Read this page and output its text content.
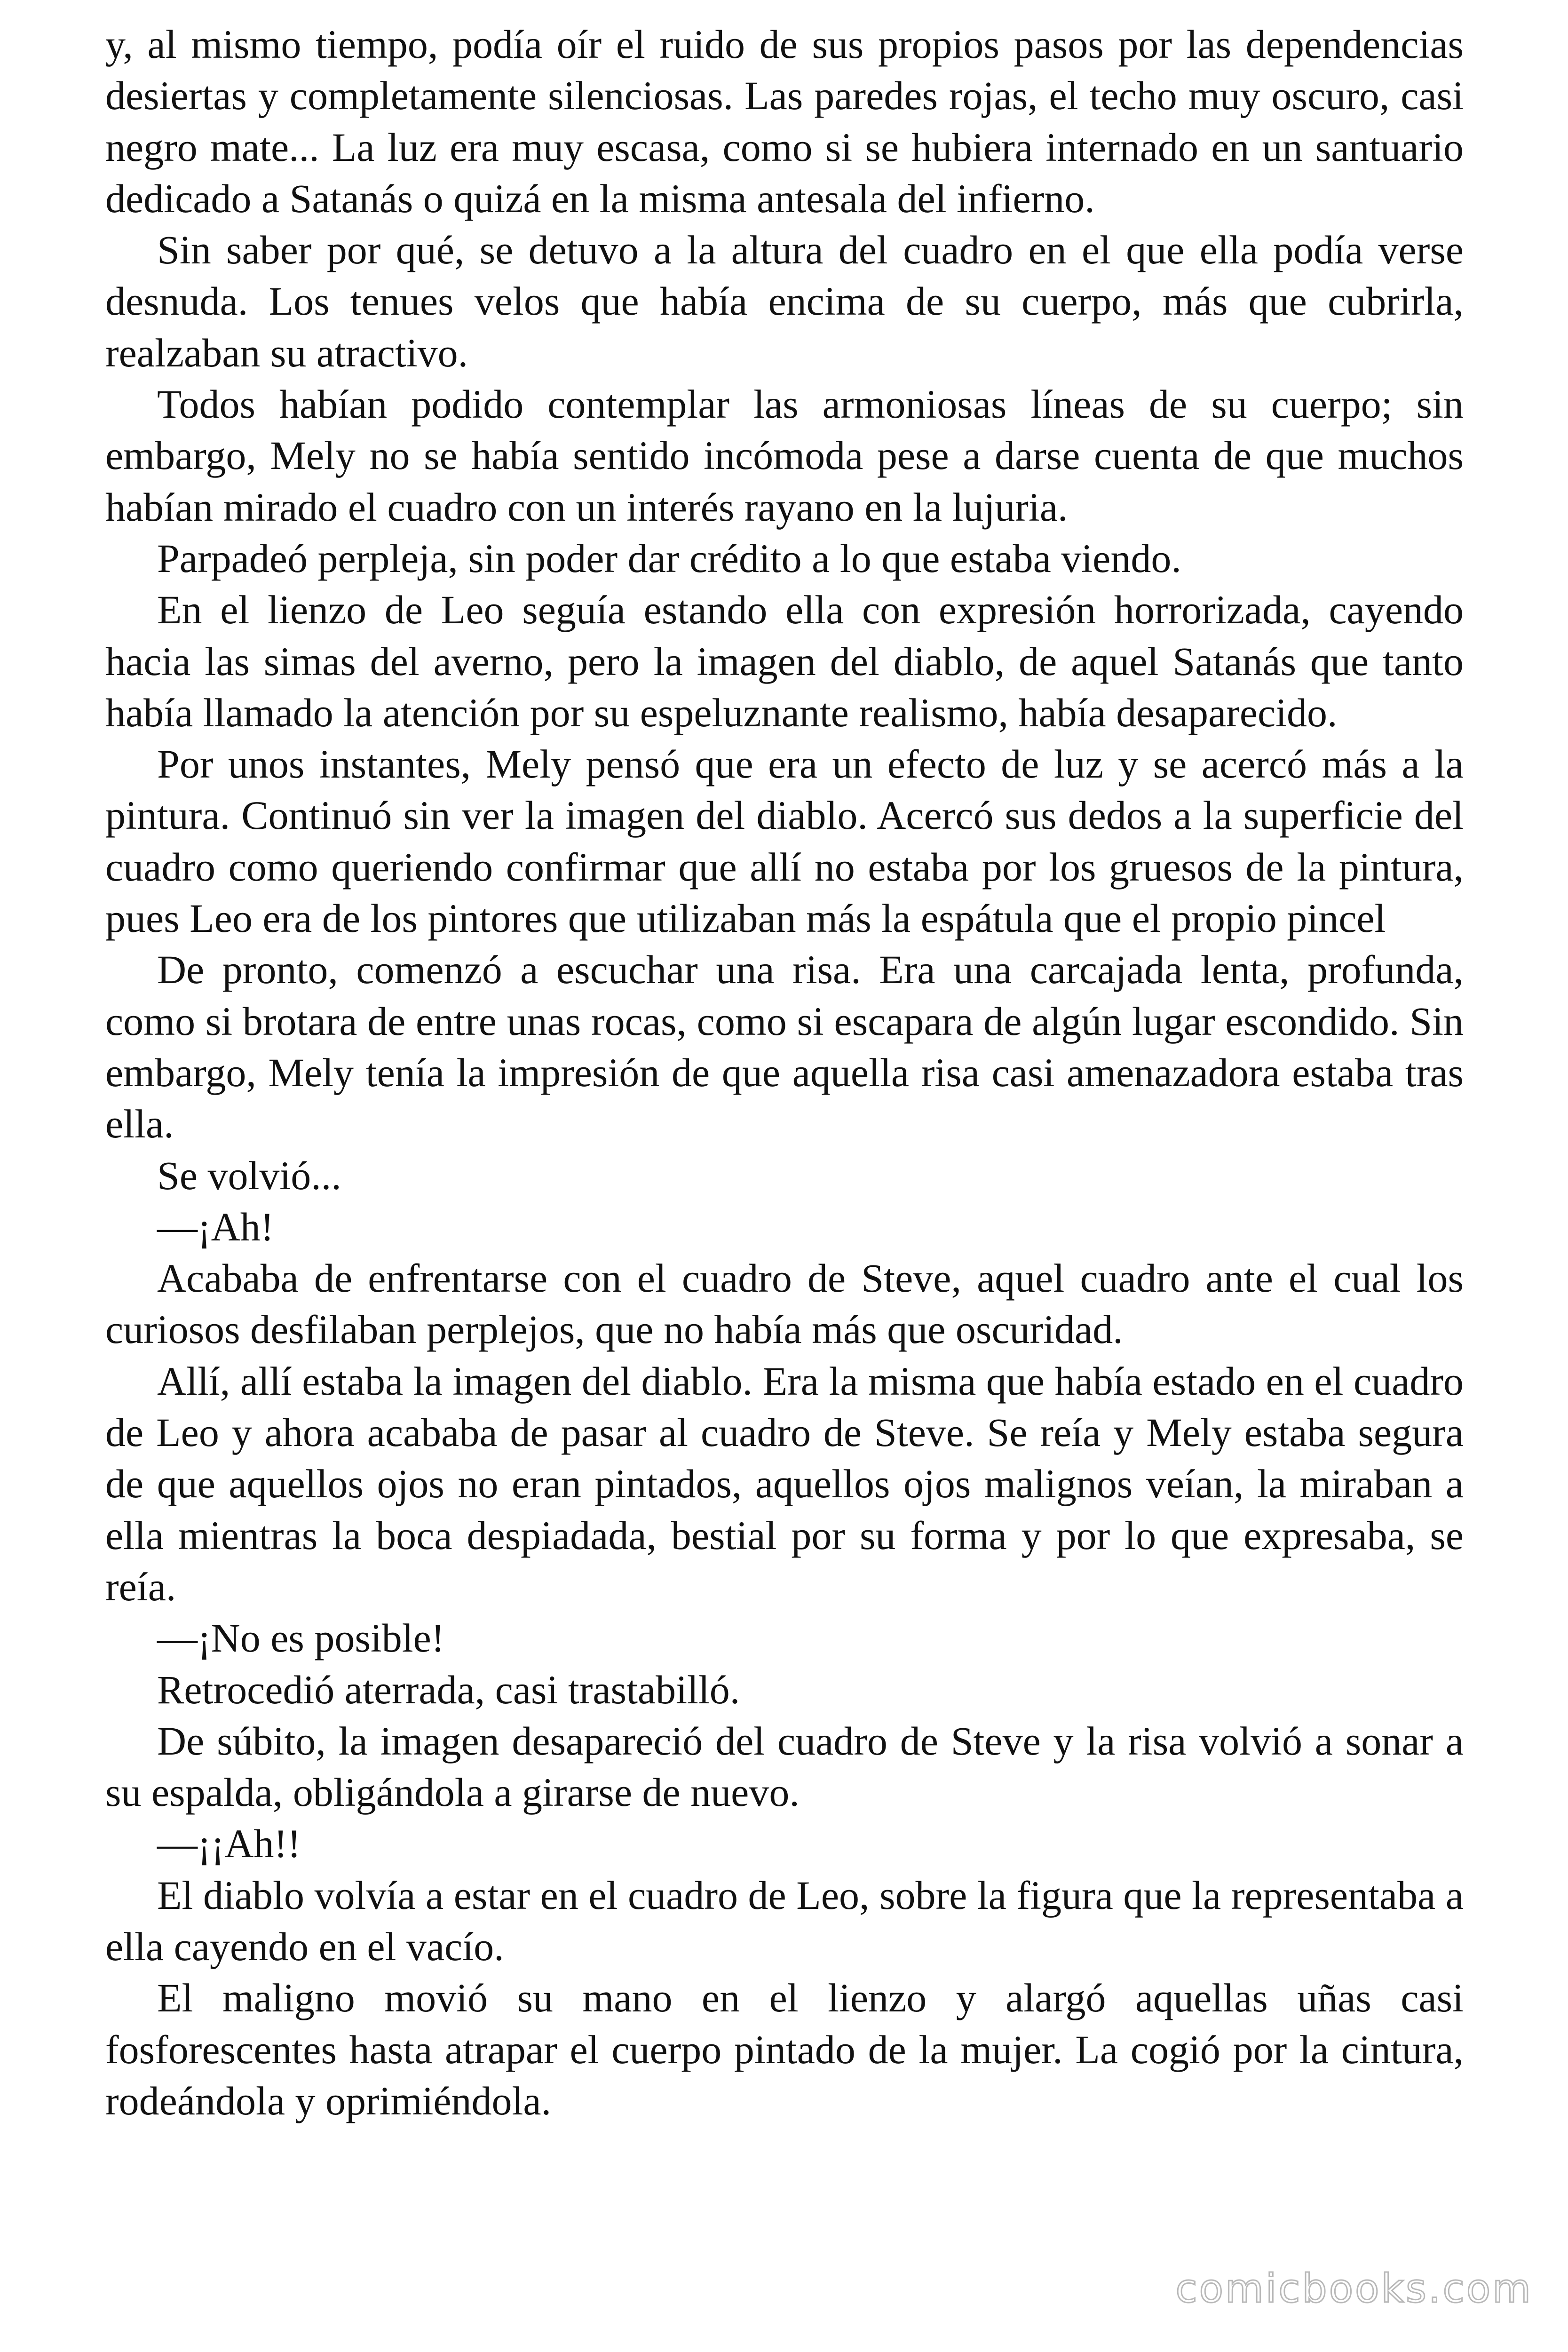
y, al mismo tiempo, podía oír el ruido de sus propios pasos por las dependencias desiertas y completamente silenciosas. Las paredes rojas, el techo muy oscuro, casi negro mate... La luz era muy escasa, como si se hubiera internado en un santuario dedicado a Satanás o quizá en la misma antesala del infierno.

Sin saber por qué, se detuvo a la altura del cuadro en el que ella podía verse desnuda. Los tenues velos que había encima de su cuerpo, más que cubrirla, realzaban su atractivo.

Todos habían podido contemplar las armoniosas líneas de su cuerpo; sin embargo, Mely no se había sentido incómoda pese a darse cuenta de que muchos habían mirado el cuadro con un interés rayano en la lujuria.

Parpadeó perpleja, sin poder dar crédito a lo que estaba viendo.

En el lienzo de Leo seguía estando ella con expresión horrorizada, cayendo hacia las simas del averno, pero la imagen del diablo, de aquel Satanás que tanto había llamado la atención por su espeluznante realismo, había desaparecido.

Por unos instantes, Mely pensó que era un efecto de luz y se acercó más a la pintura. Continuó sin ver la imagen del diablo. Acercó sus dedos a la superficie del cuadro como queriendo confirmar que allí no estaba por los gruesos de la pintura, pues Leo era de los pintores que utilizaban más la espátula que el propio pincel

De pronto, comenzó a escuchar una risa. Era una carcajada lenta, profunda, como si brotara de entre unas rocas, como si escapara de algún lugar escondido. Sin embargo, Mely tenía la impresión de que aquella risa casi amenazadora estaba tras ella.

Se volvió...

—¡Ah!

Acababa de enfrentarse con el cuadro de Steve, aquel cuadro ante el cual los curiosos desfilaban perplejos, que no había más que oscuridad.

Allí, allí estaba la imagen del diablo. Era la misma que había estado en el cuadro de Leo y ahora acababa de pasar al cuadro de Steve. Se reía y Mely estaba segura de que aquellos ojos no eran pintados, aquellos ojos malignos veían, la miraban a ella mientras la boca despiadada, bestial por su forma y por lo que expresaba, se reía.

—¡No es posible!

Retrocedió aterrada, casi trastabilló.

De súbito, la imagen desapareció del cuadro de Steve y la risa volvió a sonar a su espalda, obligándola a girarse de nuevo.

—¡¡Ah!!

El diablo volvía a estar en el cuadro de Leo, sobre la figura que la representaba a ella cayendo en el vacío.

El maligno movió su mano en el lienzo y alargó aquellas uñas casi fosforescentes hasta atrapar el cuerpo pintado de la mujer. La cogió por la cintura, rodeándola y oprimiéndola.

comicbooks.com
